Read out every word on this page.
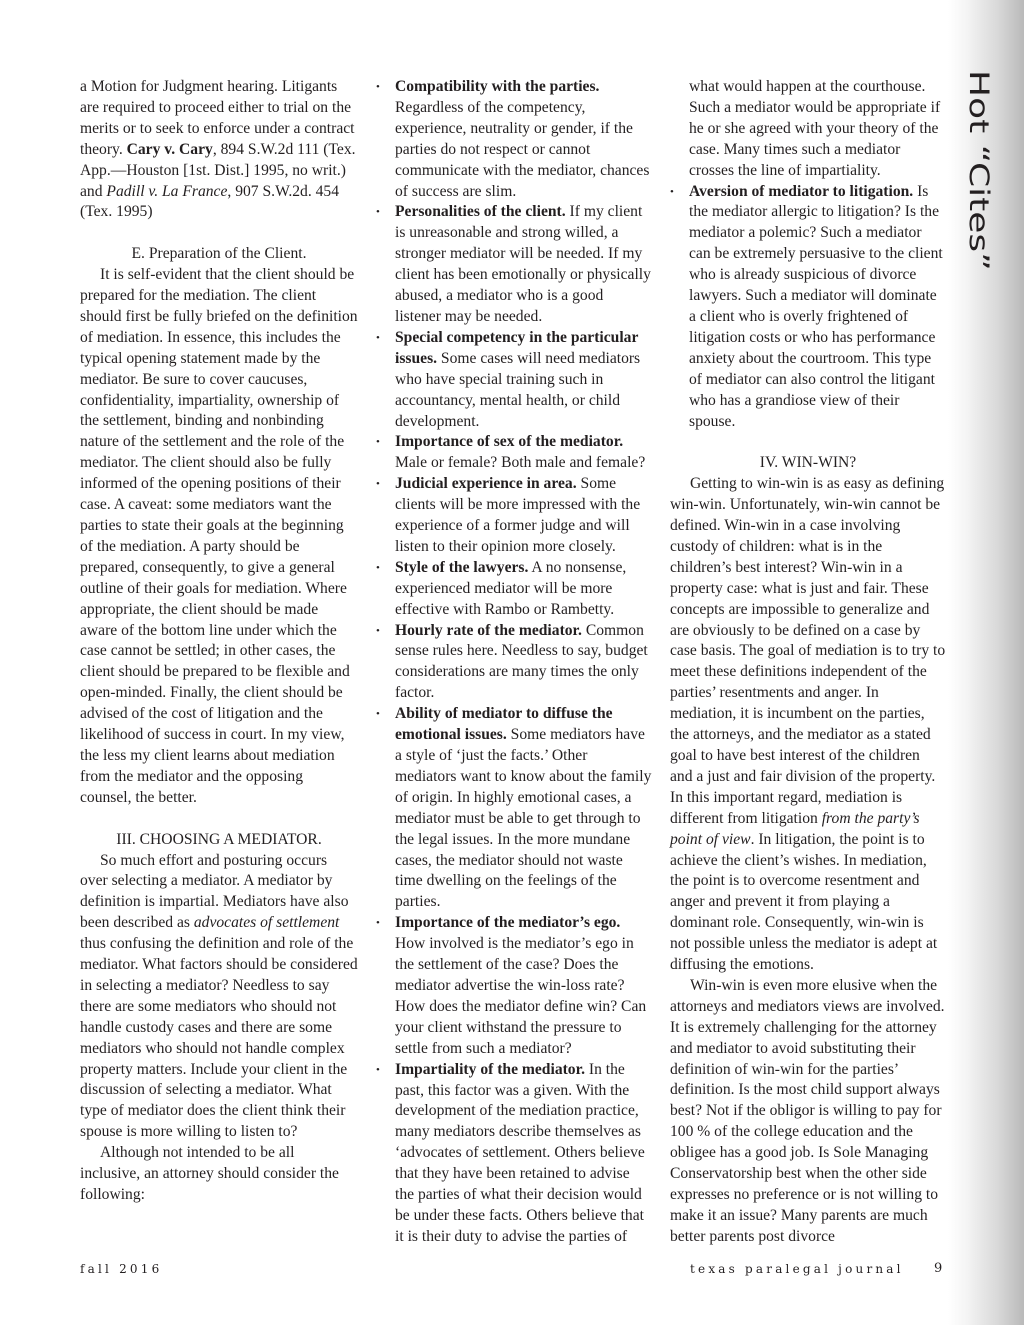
Hot “Cites”

a Motion for Judgment hearing. Litigants are required to proceed either to trial on the merits or to seek to enforce under a contract theory. Cary v. Cary, 894 S.W.2d 111 (Tex. App.—Houston [1st. Dist.] 1995, no writ.) and Padill v. La France, 907 S.W.2d. 454 (Tex. 1995)

E. Preparation of the Client.

It is self-evident that the client should be prepared for the mediation. The client should first be fully briefed on the definition of mediation. In essence, this includes the typical opening statement made by the mediator. Be sure to cover caucuses, confidentiality, impartiality, ownership of the settlement, binding and nonbinding nature of the settlement and the role of the mediator. The client should also be fully informed of the opening positions of their case. A caveat: some mediators want the parties to state their goals at the beginning of the mediation. A party should be prepared, consequently, to give a general outline of their goals for mediation. Where appropriate, the client should be made aware of the bottom line under which the case cannot be settled; in other cases, the client should be prepared to be flexible and open-minded. Finally, the client should be advised of the cost of litigation and the likelihood of success in court. In my view, the less my client learns about mediation from the mediator and the opposing counsel, the better.

III. CHOOSING A MEDIATOR.

So much effort and posturing occurs over selecting a mediator. A mediator by definition is impartial. Mediators have also been described as advocates of settlement thus confusing the definition and role of the mediator. What factors should be considered in selecting a mediator? Needless to say there are some mediators who should not handle custody cases and there are some mediators who should not handle complex property matters. Include your client in the discussion of selecting a mediator. What type of mediator does the client think their spouse is more willing to listen to?

Although not intended to be all inclusive, an attorney should consider the following:

• Compatibility with the parties. Regardless of the competency, experience, neutrality or gender, if the parties do not respect or cannot communicate with the mediator, chances of success are slim.
• Personalities of the client. If my client is unreasonable and strong willed, a stronger mediator will be needed. If my client has been emotionally or physically abused, a mediator who is a good listener may be needed.
• Special competency in the particular issues. Some cases will need mediators who have special training such in accountancy, mental health, or child development.
• Importance of sex of the mediator. Male or female? Both male and female?
• Judicial experience in area. Some clients will be more impressed with the experience of a former judge and will listen to their opinion more closely.
• Style of the lawyers. A no nonsense, experienced mediator will be more effective with Rambo or Rambetty.
• Hourly rate of the mediator. Common sense rules here. Needless to say, budget considerations are many times the only factor.
• Ability of mediator to diffuse the emotional issues. Some mediators have a style of ‘just the facts.’ Other mediators want to know about the family of origin. In highly emotional cases, a mediator must be able to get through to the legal issues. In the more mundane cases, the mediator should not waste time dwelling on the feelings of the parties.
• Importance of the mediator’s ego. How involved is the mediator’s ego in the settlement of the case? Does the mediator advertise the win-loss rate? How does the mediator define win? Can your client withstand the pressure to settle from such a mediator?
• Impartiality of the mediator. In the past, this factor was a given. With the development of the mediation practice, many mediators describe themselves as ‘advocates of settlement. Others believe that they have been retained to advise the parties of what their decision would be under these facts. Others believe that it is their duty to advise the parties of

what would happen at the courthouse. Such a mediator would be appropriate if he or she agreed with your theory of the case. Many times such a mediator crosses the line of impartiality.

• Aversion of mediator to litigation. Is the mediator allergic to litigation? Is the mediator a polemic? Such a mediator can be extremely persuasive to the client who is already suspicious of divorce lawyers. Such a mediator will dominate a client who is overly frightened of litigation costs or who has performance anxiety about the courtroom. This type of mediator can also control the litigant who has a grandiose view of their spouse.

IV. WIN-WIN?

Getting to win-win is as easy as defining win-win. Unfortunately, win-win cannot be defined. Win-win in a case involving custody of children: what is in the children’s best interest? Win-win in a property case: what is just and fair. These concepts are impossible to generalize and are obviously to be defined on a case by case basis. The goal of mediation is to try to meet these definitions independent of the parties’ resentments and anger. In mediation, it is incumbent on the parties, the attorneys, and the mediator as a stated goal to have best interest of the children and a just and fair division of the property. In this important regard, mediation is different from litigation from the party’s point of view. In litigation, the point is to achieve the client’s wishes. In mediation, the point is to overcome resentment and anger and prevent it from playing a dominant role. Consequently, win-win is not possible unless the mediator is adept at diffusing the emotions.

Win-win is even more elusive when the attorneys and mediators views are involved. It is extremely challenging for the attorney and mediator to avoid substituting their definition of win-win for the parties’ definition. Is the most child support always best? Not if the obligor is willing to pay for 100 % of the college education and the obligee has a good job. Is Sole Managing Conservatorship best when the other side expresses no preference or is not willing to make it an issue? Many parents are much better parents post divorce

fall 2016	texas paralegal journal 9
